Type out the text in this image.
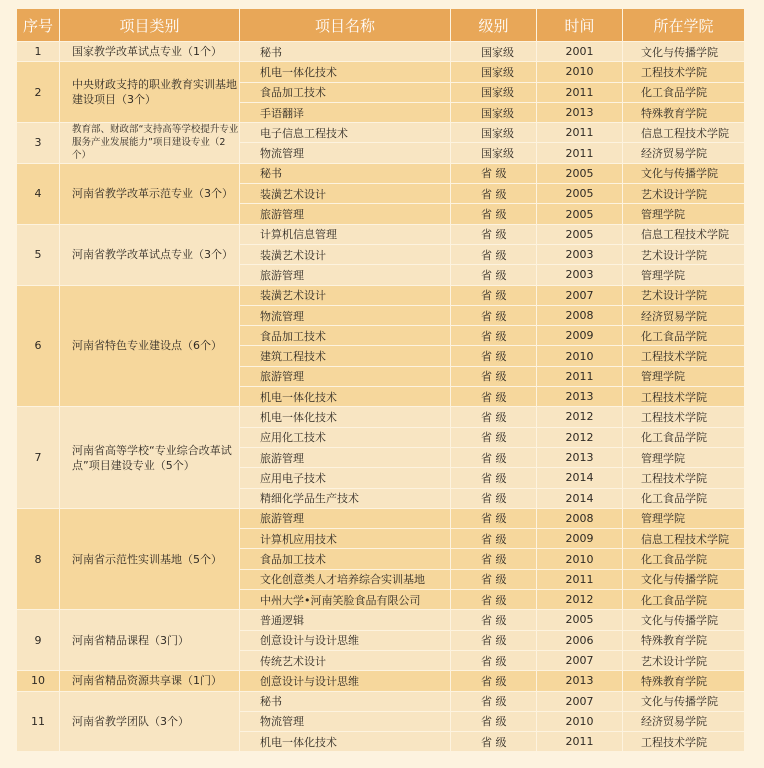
序号	项目类别	项目名称	级别	时间	所在学院
1	国家教学改革试点专业（1个）	秘书	国家级	2001	文化与传播学院
2	中央财政支持的职业教育实训基地建设项目（3个）	机电一体化技术	国家级	2010	工程技术学院
		食品加工技术	国家级	2011	化工食品学院
		手语翻译	国家级	2013	特殊教育学院
3	教育部、财政部“支持高等学校提升专业服务产业发展能力”项目建设专业（2个）	电子信息工程技术	国家级	2011	信息工程技术学院
		物流管理	国家级	2011	经济贸易学院
4	河南省教学改革示范专业（3个）	秘书	省 级	2005	文化与传播学院
		装潢艺术设计	省 级	2005	艺术设计学院
		旅游管理	省 级	2005	管理学院
5	河南省教学改革试点专业（3个）	计算机信息管理	省 级	2005	信息工程技术学院
		装潢艺术设计	省 级	2003	艺术设计学院
		旅游管理	省 级	2003	管理学院
6	河南省特色专业建设点（6个）	装潢艺术设计	省 级	2007	艺术设计学院
		物流管理	省 级	2008	经济贸易学院
		食品加工技术	省 级	2009	化工食品学院
		建筑工程技术	省 级	2010	工程技术学院
		旅游管理	省 级	2011	管理学院
		机电一体化技术	省 级	2013	工程技术学院
7	河南省高等学校“专业综合改革试点”项目建设专业（5个）	机电一体化技术	省 级	2012	工程技术学院
		应用化工技术	省 级	2012	化工食品学院
		旅游管理	省 级	2013	管理学院
		应用电子技术	省 级	2014	工程技术学院
		精细化学品生产技术	省 级	2014	化工食品学院
8	河南省示范性实训基地（5个）	旅游管理	省 级	2008	管理学院
		计算机应用技术	省 级	2009	信息工程技术学院
		食品加工技术	省 级	2010	化工食品学院
		文化创意类人才培养综合实训基地	省 级	2011	文化与传播学院
		中州大学•河南笑脸食品有限公司	省 级	2012	化工食品学院
9	河南省精品课程（3门）	普通逻辑	省 级	2005	文化与传播学院
		创意设计与设计思维	省 级	2006	特殊教育学院
		传统艺术设计	省 级	2007	艺术设计学院
10	河南省精品资源共享课（1门）	创意设计与设计思维	省 级	2013	特殊教育学院
11	河南省教学团队（3个）	秘书	省 级	2007	文化与传播学院
		物流管理	省 级	2010	经济贸易学院
		机电一体化技术	省 级	2011	工程技术学院
